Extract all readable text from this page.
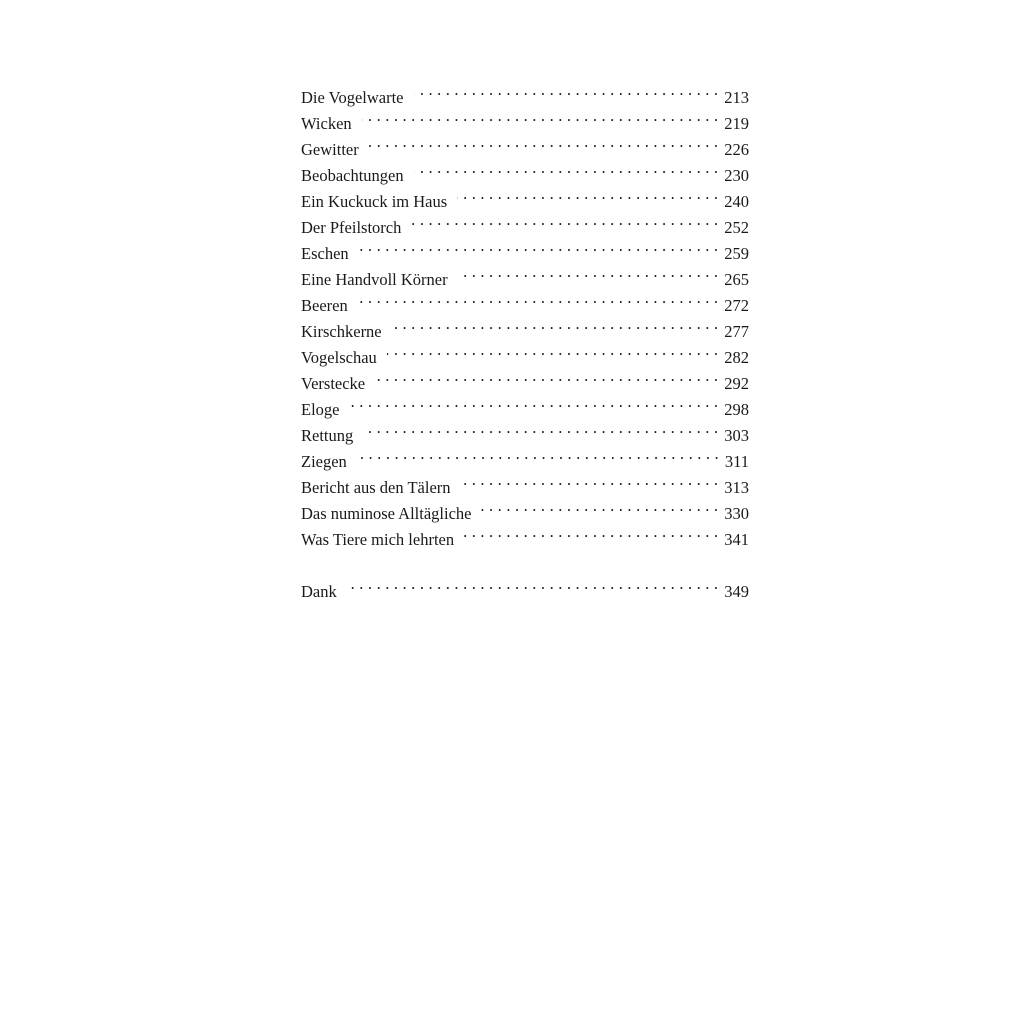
Die Vogelwarte . . .	213
Wicken . . .	219
Gewitter . . .	226
Beobachtungen . . .	230
Ein Kuckuck im Haus . . .	240
Der Pfeilstorch . . .	252
Eschen . . .	259
Eine Handvoll Körner . . .	265
Beeren . . .	272
Kirschkerne . . .	277
Vogelschau . . .	282
Verstecke . . .	292
Eloge . . .	298
Rettung . . .	303
Ziegen . . .	311
Bericht aus den Tälern . . .	313
Das numinose Alltägliche . . .	330
Was Tiere mich lehrten . . .	341
Dank . . .	349
